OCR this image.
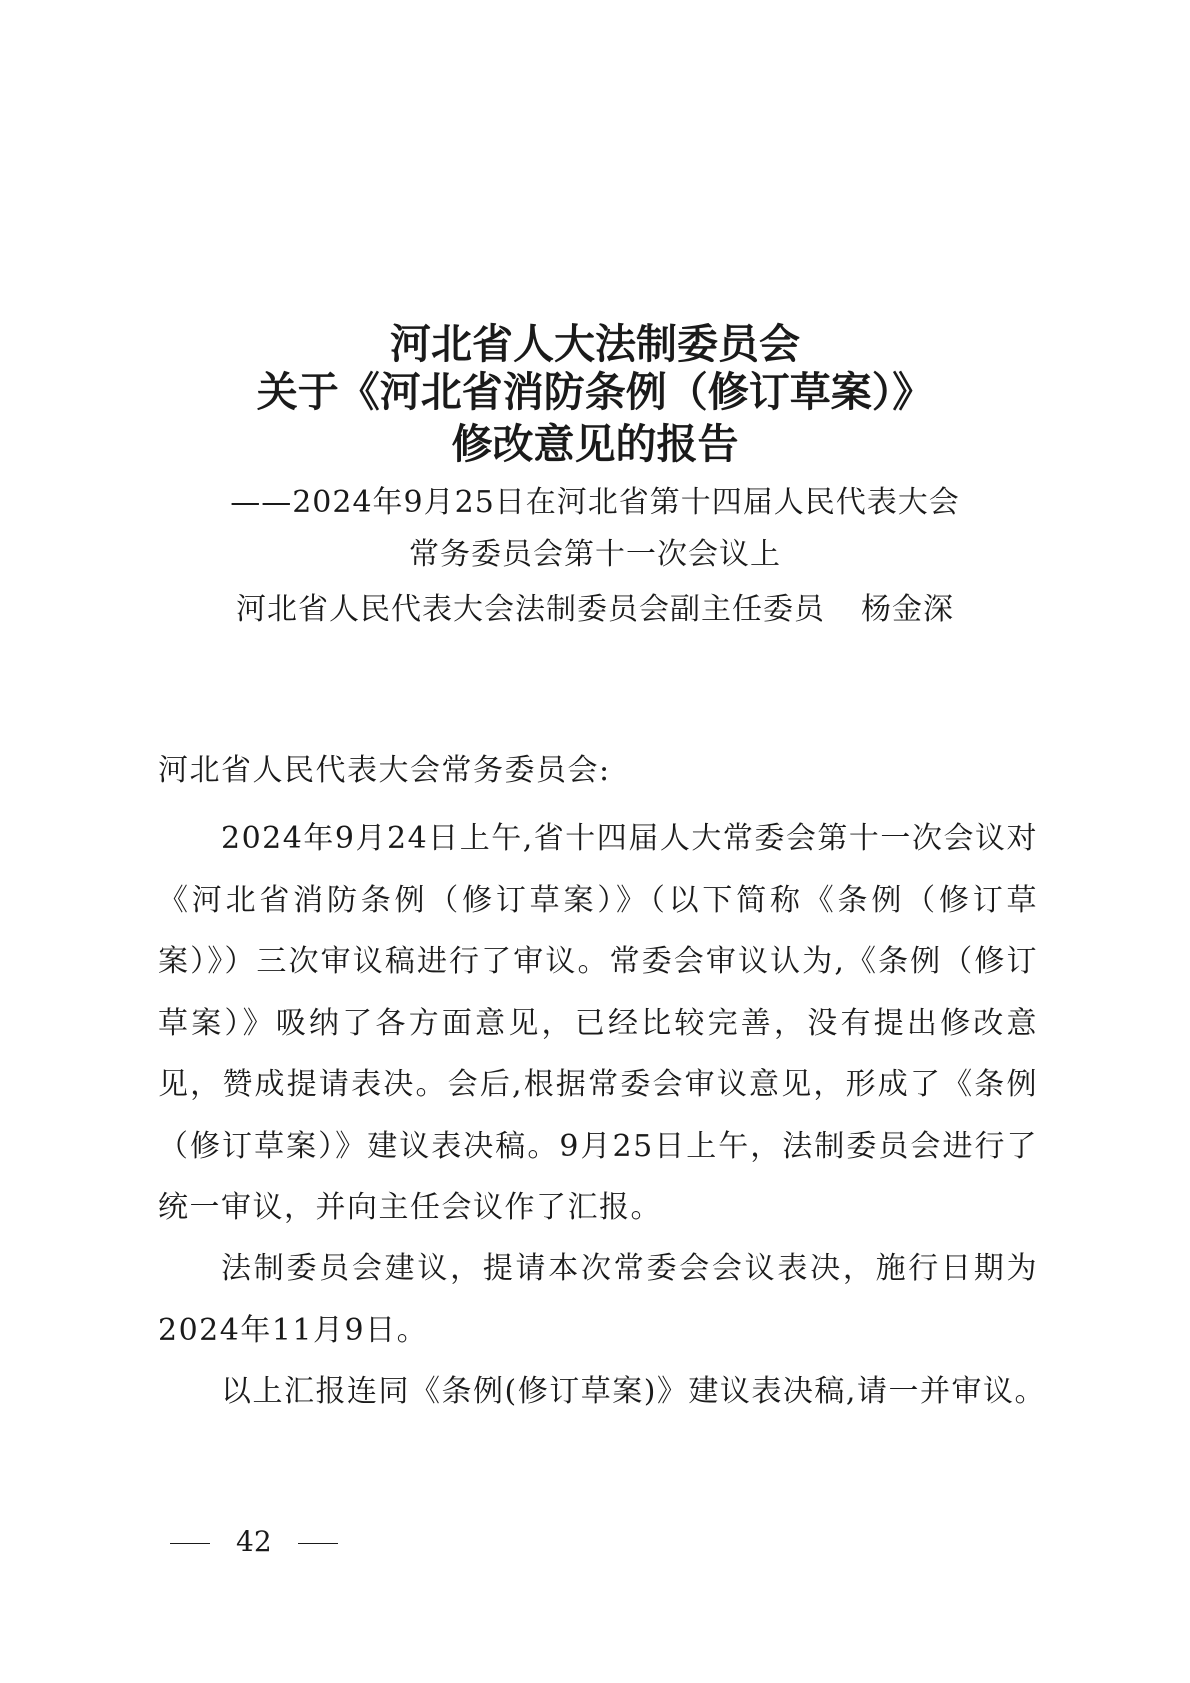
河北省人大法制委员会
关于《河北省消防条例（修订草案）》
修改意见的报告
——2024年9月25日在河北省第十四届人民代表大会
常务委员会第十一次会议上
河北省人民代表大会法制委员会副主任委员 杨金深

河北省人民代表大会常务委员会:

2024年9月24日上午,省十四届人大常委会第十一次会议对《河北省消防条例（修订草案）》（以下简称《条例（修订草案）》）三次审议稿进行了审议。常委会审议认为,《条例（修订草案）》吸纳了各方面意见，已经比较完善，没有提出修改意见，赞成提请表决。会后,根据常委会审议意见，形成了《条例（修订草案）》建议表决稿。9月25日上午，法制委员会进行了统一审议，并向主任会议作了汇报。

法制委员会建议，提请本次常委会会议表决，施行日期为2024年11月9日。

以上汇报连同《条例(修订草案)》建议表决稿,请一并审议。

42
